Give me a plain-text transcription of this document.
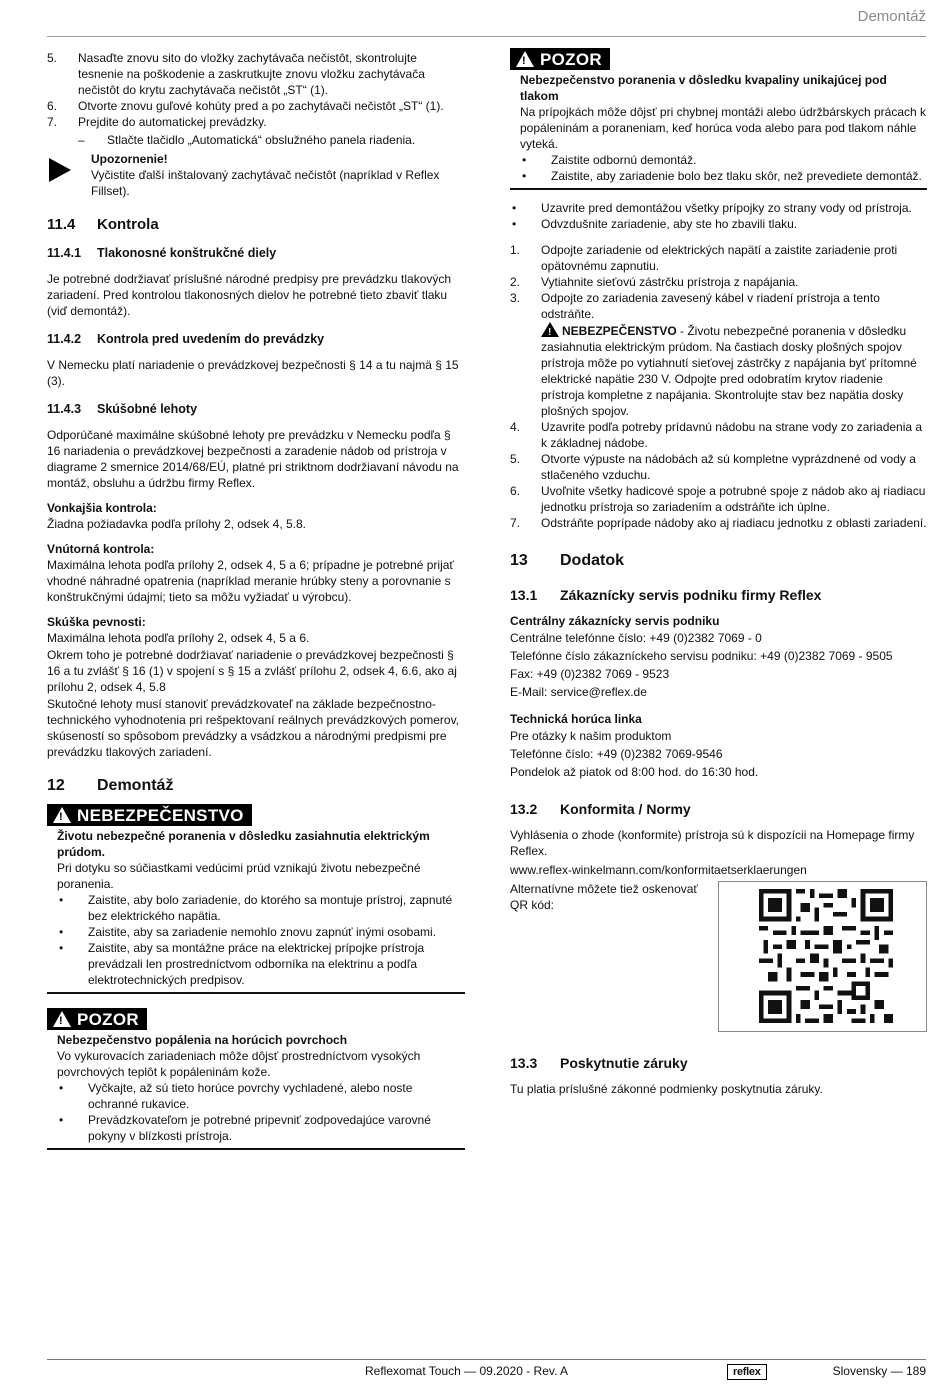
Demontáž
5. Nasaďte znovu sito do vložky zachytávača nečistôt, skontrolujte tesnenie na poškodenie a zaskrutkujte znovu vložku zachytávača nečistôt do krytu zachytávača nečistôt „ST“ (1).
6. Otvorte znovu guľové kohúty pred a po zachytávači nečistôt „ST“ (1).
7. Prejdite do automatickej prevádzky.
– Stlačte tlačidlo „Automatická“ obslužného panela riadenia.
Upozornenie!
Vyčistite ďalší inštalovaný zachytávač nečistôt (napríklad v Reflex Fillset).
11.4 Kontrola
11.4.1 Tlakonosné konštrukčné diely

Je potrebné dodržiavať príslušné národné predpisy pre prevádzku tlakových zariadení. Pred kontrolou tlakonosných dielov he potrebné tieto zbaviť tlaku (viď demontáž).

11.4.2 Kontrola pred uvedením do prevádzky

V Nemecku platí nariadenie o prevádzkovej bezpečnosti § 14 a tu najmä § 15 (3).

11.4.3 Skúšobné lehoty

Odporúčané maximálne skúšobné lehoty pre prevádzku v Nemecku podľa § 16 nariadenia o prevádzkovej bezpečnosti a zaradenie nádob od prístroja v diagrame 2 smernice 2014/68/EÚ, platné pri striktnom dodržiavaní návodu na montáž, obsluhu a údržbu firmy Reflex.

Vonkajšia kontrola:

Žiadna požiadavka podľa prílohy 2, odsek 4, 5.8.

Vnútorná kontrola:

Maximálna lehota podľa prílohy 2, odsek 4, 5 a 6; prípadne je potrebné prijať vhodné náhradné opatrenia (napríklad meranie hrúbky steny a porovnanie s konštrukčnými údajmi; tieto sa môžu vyžiadať u výrobcu).

Skúška pevnosti:

Maximálna lehota podľa prílohy 2, odsek 4, 5 a 6.

Okrem toho je potrebné dodržiavať nariadenie o prevádzkovej bezpečnosti § 16 a tu zvlášť § 16 (1) v spojení s § 15 a zvlášť prílohu 2, odsek 4, 6.6, ako aj prílohu 2, odsek 4, 5.8

Skutočné lehoty musí stanoviť prevádzkovateľ na základe bezpečnostno-technického vyhodnotenia pri rešpektovaní reálnych prevádzkových pomerov, skúseností so spôsobom prevádzky a vsádzkou a národnými predpismi pre prevádzku tlakových zariadení.

12 Demontáž
!NEBEZPEČENSTVO
Životu nebezpečné poranenia v dôsledku zasiahnutia elektrickým prúdom.
Pri dotyku so súčiastkami vedúcimi prúd vznikajú životu nebezpečné poranenia.
• Zaistite, aby bolo zariadenie, do ktorého sa montuje prístroj, zapnuté bez elektrického napätia.
• Zaistite, aby sa zariadenie nemohlo znovu zapnúť inými osobami.
• Zaistite, aby sa montážne práce na elektrickej prípojke prístroja prevádzali len prostredníctvom odborníka na elektrinu a podľa elektrotechnických predpisov.
!POZOR
Nebezpečenstvo popálenia na horúcich povrchoch
Vo vykurovacích zariadeniach môže dôjsť prostredníctvom vysokých povrchových teplôt k popáleninám kože.
• Vyčkajte, až sú tieto horúce povrchy vychladené, alebo noste ochranné rukavice.
• Prevádzkovateľom je potrebné pripevniť zodpovedajúce varovné pokyny v blízkosti prístroja.
!POZOR
Nebezpečenstvo poranenia v dôsledku kvapaliny unikajúcej pod tlakom
Na prípojkách môže dôjsť pri chybnej montáži alebo údržbárskych prácach k popáleninám a poraneniam, keď horúca voda alebo para pod tlakom náhle vyteká.
• Zaistite odbornú demontáž.
• Zaistite, aby zariadenie bolo bez tlaku skôr, než prevediete demontáž.
• Uzavrite pred demontážou všetky prípojky zo strany vody od prístroja.
• Odvzdušnite zariadenie, aby ste ho zbavili tlaku.
1. Odpojte zariadenie od elektrických napätí a zaistite zariadenie proti opätovnému zapnutiu.
2. Vytiahnite sieťovú zástrčku prístroja z napájania.
3. Odpojte zo zariadenia zavesený kábel v riadení prístroja a tento odstráňte.
!NEBEZPEČENSTVO - Životu nebezpečné poranenia v dôsledku zasiahnutia elektrickým prúdom. Na častiach dosky plošných spojov prístroja môže po vytiahnutí sieťovej zástrčky z napájania byť prítomné elektrické napätie 230 V. Odpojte pred odobratím krytov riadenie prístroja kompletne z napájania. Skontrolujte stav bez napätia dosky plošných spojov.
4. Uzavrite podľa potreby prídavnú nádobu na strane vody zo zariadenia a k základnej nádobe.
5. Otvorte výpuste na nádobách až sú kompletne vyprázdnené od vody a stlačeného vzduchu.
6. Uvoľnite všetky hadicové spoje a potrubné spoje z nádob ako aj riadiacu jednotku prístroja so zariadením a odstráňte ich úplne.
7. Odstráňte poprípade nádoby ako aj riadiacu jednotku z oblasti zariadení.
13 Dodatok
13.1 Zákaznícky servis podniku firmy Reflex
Centrálny zákaznícky servis podniku
Centrálne telefónne číslo: +49 (0)2382 7069 - 0
Telefónne číslo zákazníckeho servisu podniku: +49 (0)2382 7069 - 9505
Fax: +49 (0)2382 7069 - 9523
E-Mail: service@reflex.de
Technická horúca linka
Pre otázky k našim produktom
Telefónne číslo: +49 (0)2382 7069-9546
Pondelok až piatok od 8:00 hod. do 16:30 hod.
13.2 Konformita / Normy

Vyhlásenia o zhode (konformite) prístroja sú k dispozícii na Homepage firmy Reflex.

www.reflex-winkelmann.com/konformitaetserklaerungen
Alternatívne môžete tiež oskenovať QR kód:
13.3 Poskytnutie záruky

Tu platia príslušné zákonné podmienky poskytnutia záruky.

Reflexomat Touch — 09.2020 - Rev. A	reflex	Slovensky — 189
